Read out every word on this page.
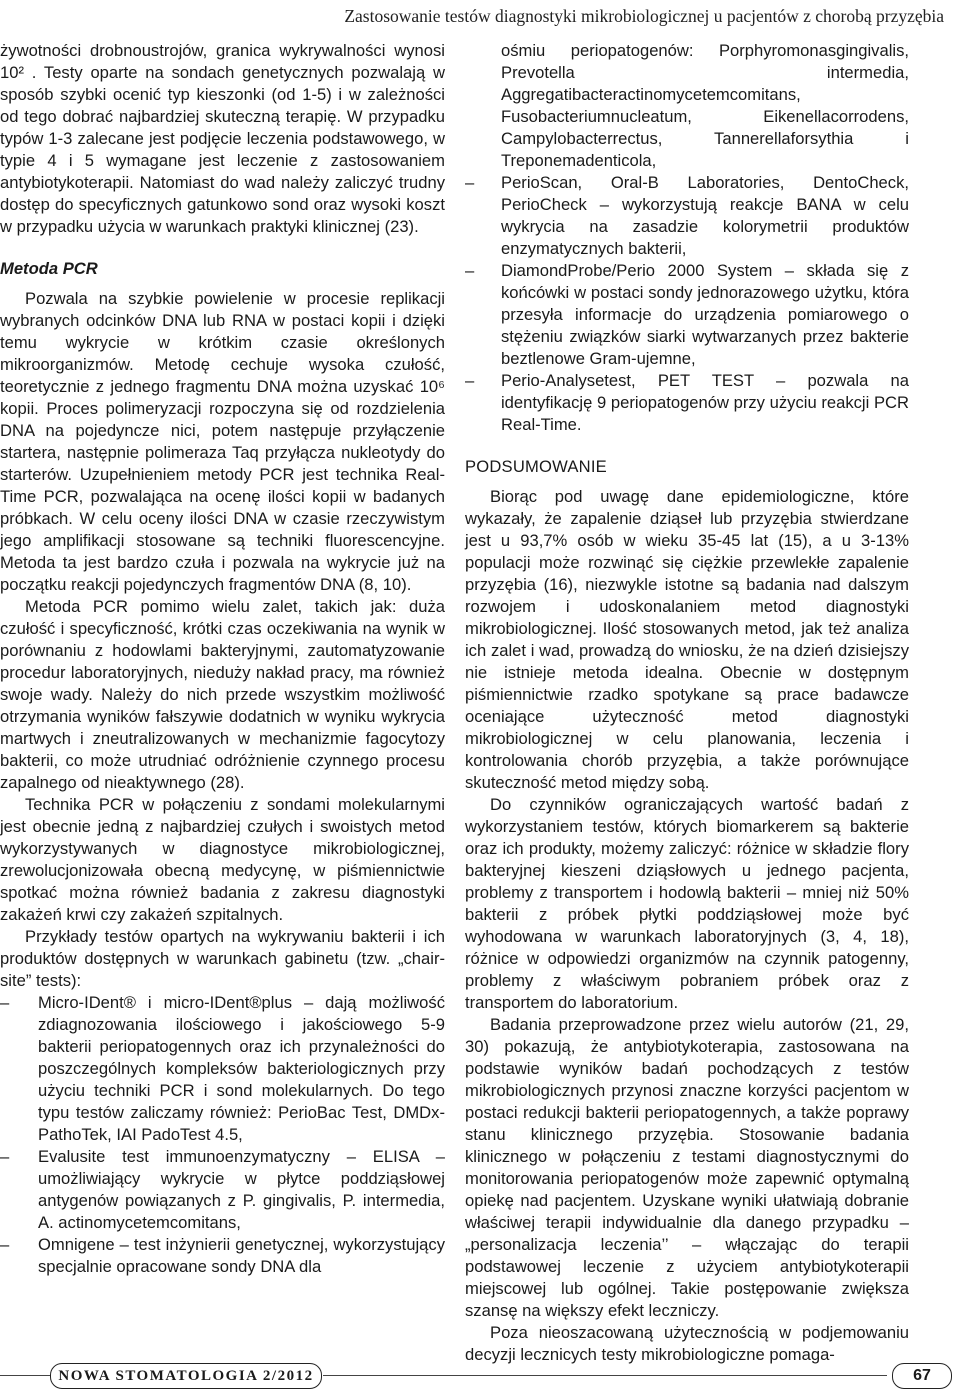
Zastosowanie testów diagnostyki mikrobiologicznej u pacjentów z chorobą przyzębia

żywotności drobnoustrojów, granica wykrywalności wynosi 10² . Testy oparte na sondach genetycznych pozwalają w sposób szybki ocenić typ kieszonki (od 1-5) i w zależności od tego dobrać najbardziej skuteczną terapię. W przypadku typów 1-3 zalecane jest podjęcie leczenia podstawowego, w typie 4 i 5 wymagane jest leczenie z zastosowaniem antybiotykoterapii. Natomiast do wad należy zaliczyć trudny dostęp do specyficznych gatunkowo sond oraz wysoki koszt w przypadku użycia w warunkach praktyki klinicznej (23).

Metoda PCR

Pozwala na szybkie powielenie w procesie replikacji wybranych odcinków DNA lub RNA w postaci kopii i dzięki temu wykrycie w krótkim czasie określonych mikroorganizmów. Metodę cechuje wysoka czułość, teoretycznie z jednego fragmentu DNA można uzyskać 10⁶ kopii. Proces polimeryzacji rozpoczyna się od rozdzielenia DNA na pojedyncze nici, potem następuje przyłączenie startera, następnie polimeraza Taq przyłącza nukleotydy do starterów. Uzupełnieniem metody PCR jest technika Real-Time PCR, pozwalająca na ocenę ilości kopii w badanych próbkach. W celu oceny ilości DNA w czasie rzeczywistym jego amplifikacji stosowane są techniki fluorescencyjne. Metoda ta jest bardzo czuła i pozwala na wykrycie już na początku reakcji pojedynczych fragmentów DNA (8, 10).

Metoda PCR pomimo wielu zalet, takich jak: duża czułość i specyficzność, krótki czas oczekiwania na wynik w porównaniu z hodowlami bakteryjnymi, zautomatyzowanie procedur laboratoryjnych, niedużу nakład pracy, ma również swoje wady. Należy do nich przede wszystkim możliwość otrzymania wyników fałszywie dodatnich w wyniku wykrycia martwych i zneutralizowanych w mechanizmie fagocytozy bakterii, co może utrudniać odróżnienie czynnego procesu zapalnego od nieaktywnego (28).

Technika PCR w połączeniu z sondami molekularnymi jest obecnie jedną z najbardziej czułych i swoistych metod wykorzystywanych w diagnostyce mikrobiologicznej, zrewolucjonizowała obecną medycynę, w piśmiennictwie spotkać można również badania z zakresu diagnostyki zakażeń krwi czy zakażeń szpitalnych.

Przykłady testów opartych na wykrywaniu bakterii i ich produktów dostępnych w warunkach gabinetu (tzw. „chair-site” tests):

– Micro-IDent® i micro-IDent®plus – dają możliwość zdiagnozowania ilościowego i jakościowego 5-9 bakterii periopatogennych oraz ich przynależności do poszczególnych kompleksów bakteriologicznych przy użyciu techniki PCR i sond molekularnych. Do tego typu testów zaliczamy również: PerioBac Test, DMDx-PathoTek, IAI PadoTest 4.5,
– Evalusite test immunoenzymatyczny – ELISA – umożliwiający wykrycie w płytce poddziąsłowej antygenów powiązanych z P. gingivalis, P. intermedia, A. actinomycetemcomitans,
– Omnigene – test inżynierii genetycznej, wykorzystujący specjalnie opracowane sondy DNA dla

ośmiu periopatogenów: Porphyromonasgingivalis, Prevotella intermedia, Aggregatibacteractinomycetemcomitans, Fusobacteriumnucleatum, Eikenellacorrodens, Campylobacterrectus, Tannerellaforsythia i Treponemadenticola,

– PerioScan, Oral-B Laboratories, DentoCheck, PerioCheck – wykorzystują reakcje BANA w celu wykrycia na zasadzie kolorymetrii produktów enzymatycznych bakterii,
– DiamondProbe/Perio 2000 System – składa się z końcówki w postaci sondy jednorazowego użytku, która przesyła informacje do urządzenia pomiarowego o stężeniu związków siarki wytwarzanych przez bakterie beztlenowe Gram-ujemne,
– Perio-Analysetest, PET TEST – pozwala na identyfikację 9 periopatogenów przy użyciu reakcji PCR Real-Time.
PODSUMOWANIE

Biorąc pod uwagę dane epidemiologiczne, które wykazały, że zapalenie dziąseł lub przyzębia stwierdzane jest u 93,7% osób w wieku 35-45 lat (15), a u 3-13% populacji może rozwinąć się ciężkie przewlekłe zapalenie przyzębia (16), niezwykle istotne są badania nad dalszym rozwojem i udoskonalaniem metod diagnostyki mikrobiologicznej. Ilość stosowanych metod, jak też analiza ich zalet i wad, prowadzą do wniosku, że na dzień dzisiejszy nie istnieje metoda idealna. Obecnie w dostępnym piśmiennictwie rzadko spotykane są prace badawcze oceniające użyteczność metod diagnostyki mikrobiologicznej w celu planowania, leczenia i kontrolowania chorób przyzębia, a także porównujące skuteczność metod między sobą.

Do czynników ograniczających wartość badań z wykorzystaniem testów, których biomarkerem są bakterie oraz ich produkty, możemy zaliczyć: różnice w składzie flory bakteryjnej kieszeni dziąsłowych u jednego pacjenta, problemy z transportem i hodowlą bakterii – mniej niż 50% bakterii z próbek płytki poddziąsłowej może być wyhodowana w warunkach laboratoryjnych (3, 4, 18), różnice w odpowiedzi organizmów na czynnik patogenny, problemy z właściwym pobraniem próbek oraz z transportem do laboratorium.

Badania przeprowadzone przez wielu autorów (21, 29, 30) pokazują, że antybiotykoterapia, zastosowana na podstawie wyników badań pochodzących z testów mikrobiologicznych przynosi znaczne korzyści pacjentom w postaci redukcji bakterii periopatogennych, a także poprawy stanu klinicznego przyzębia. Stosowanie badania klinicznego w połączeniu z testami diagnostycznymi do monitorowania periopatogenów może zapewnić optymalną opiekę nad pacjentem. Uzyskane wyniki ułatwiają dobranie właściwej terapii indywidualnie dla danego przypadku – „personalizacja leczenia’’ – włączając do terapii podstawowej leczenie z użyciem antybiotykoterapii miejscowej lub ogólnej. Takie postępowanie zwiększa szansę na większy efekt leczniczy.

Poza nieoszacowaną użytecznością w podjemowaniu decyzji lecznicych testy mikrobiologiczne pomaga-

NOWA STOMATOLOGIA 2/2012	67
